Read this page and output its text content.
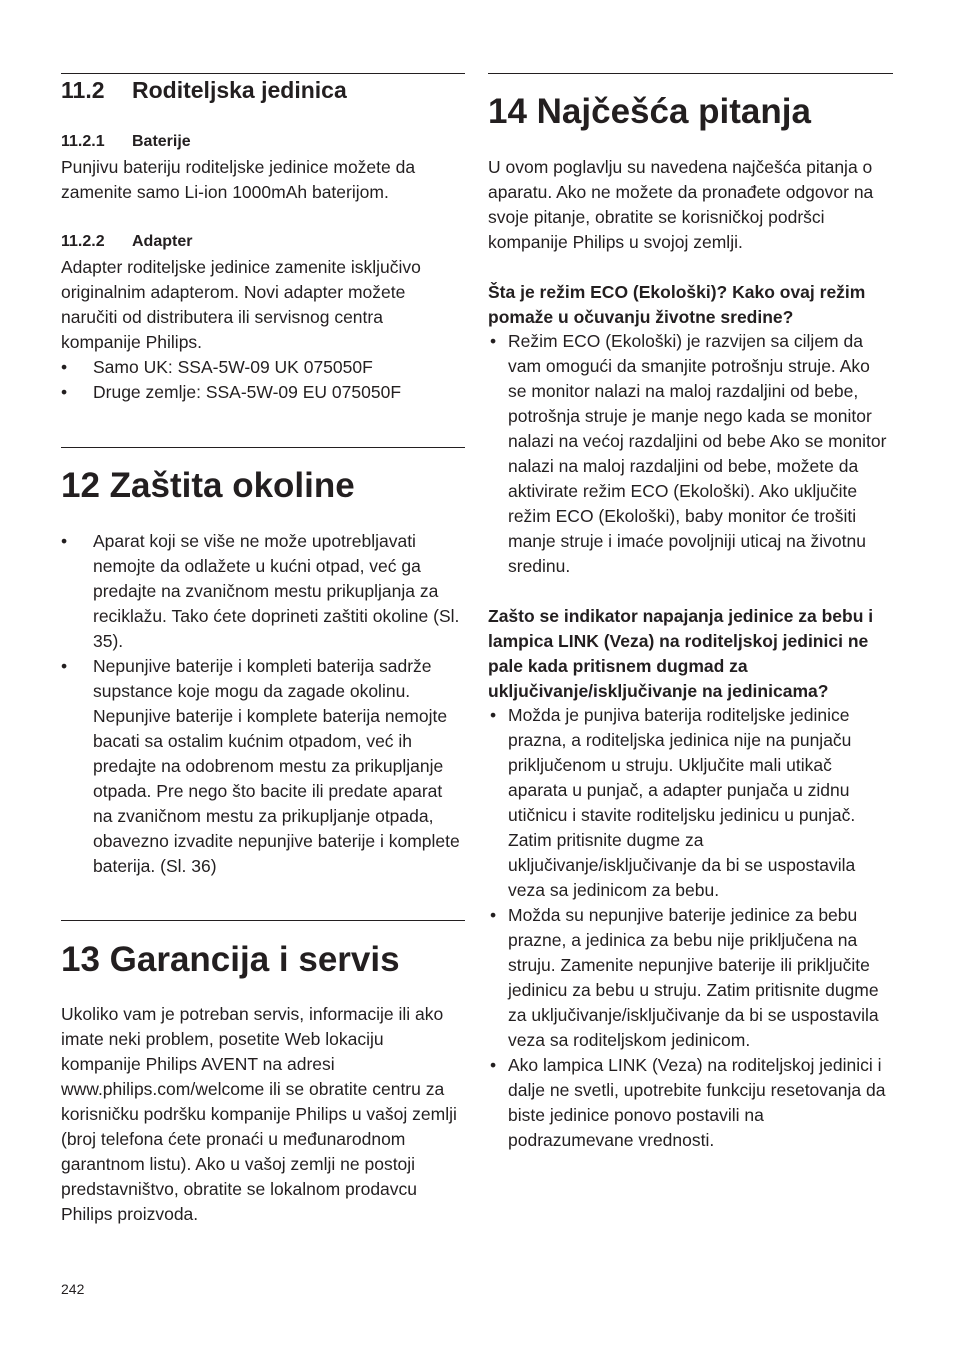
11.2 Roditeljska jedinica
11.2.1 Baterije

Punjivu bateriju roditeljske jedinice možete da zamenite samo Li-ion 1000mAh baterijom.

11.2.2 Adapter

Adapter roditeljske jedinice zamenite isključivo originalnim adapterom. Novi adapter možete naručiti od distributera ili servisnog centra kompanije Philips.

• Samo UK: SSA-5W-09 UK 075050F
• Druge zemlje: SSA-5W-09 EU 075050F
12 Zaštita okoline
• Aparat koji se više ne može upotrebljavati nemojte da odlažete u kućni otpad, već ga predajte na zvaničnom mestu prikupljanja za reciklažu. Tako ćete doprineti zaštiti okoline (Sl. 35).
• Nepunjive baterije i kompleti baterija sadrže supstance koje mogu da zagade okolinu. Nepunjive baterije i komplete baterija nemojte bacati sa ostalim kućnim otpadom, već ih predajte na odobrenom mestu za prikupljanje otpada. Pre nego što bacite ili predate aparat na zvaničnom mestu za prikupljanje otpada, obavezno izvadite nepunjive baterije i komplete baterija. (Sl. 36)
13 Garancija i servis

Ukoliko vam je potreban servis, informacije ili ako imate neki problem, posetite Web lokaciju kompanije Philips AVENT na adresi www.philips.com/welcome ili se obratite centru za korisničku podršku kompanije Philips u vašoj zemlji (broj telefona ćete pronaći u međunarodnom garantnom listu). Ako u vašoj zemlji ne postoji predstavništvo, obratite se lokalnom prodavcu Philips proizvoda.

14 Najčešća pitanja

U ovom poglavlju su navedena najčešća pitanja o aparatu. Ako ne možete da pronađete odgovor na svoje pitanje, obratite se korisničkoj podršci kompanije Philips u svojoj zemlji.

Šta je režim ECO (Ekološki)? Kako ovaj režim pomaže u očuvanju životne sredine?

• Režim ECO (Ekološki) je razvijen sa ciljem da vam omogući da smanjite potrošnju struje. Ako se monitor nalazi na maloj razdaljini od bebe, potrošnja struje je manje nego kada se monitor nalazi na većoj razdaljini od bebe Ako se monitor nalazi na maloj razdaljini od bebe, možete da aktivirate režim ECO (Ekološki). Ako uključite režim ECO (Ekološki), baby monitor će trošiti manje struje i imaće povoljniji uticaj na životnu sredinu.

Zašto se indikator napajanja jedinice za bebu i lampica LINK (Veza) na roditeljskoj jedinici ne pale kada pritisnem dugmad za uključivanje/isključivanje na jedinicama?

• Možda je punjiva baterija roditeljske jedinice prazna, a roditeljska jedinica nije na punjaču priključenom u struju. Uključite mali utikač aparata u punjač, a adapter punjača u zidnu utičnicu i stavite roditeljsku jedinicu u punjač. Zatim pritisnite dugme za uključivanje/isključivanje da bi se uspostavila veza sa jedinicom za bebu.
• Možda su nepunjive baterije jedinice za bebu prazne, a jedinica za bebu nije priključena na struju. Zamenite nepunjive baterije ili priključite jedinicu za bebu u struju. Zatim pritisnite dugme za uključivanje/isključivanje da bi se uspostavila veza sa roditeljskom jedinicom.
• Ako lampica LINK (Veza) na roditeljskoj jedinici i dalje ne svetli, upotrebite funkciju resetovanja da biste jedinice ponovo postavili na podrazumevane vrednosti.
242
